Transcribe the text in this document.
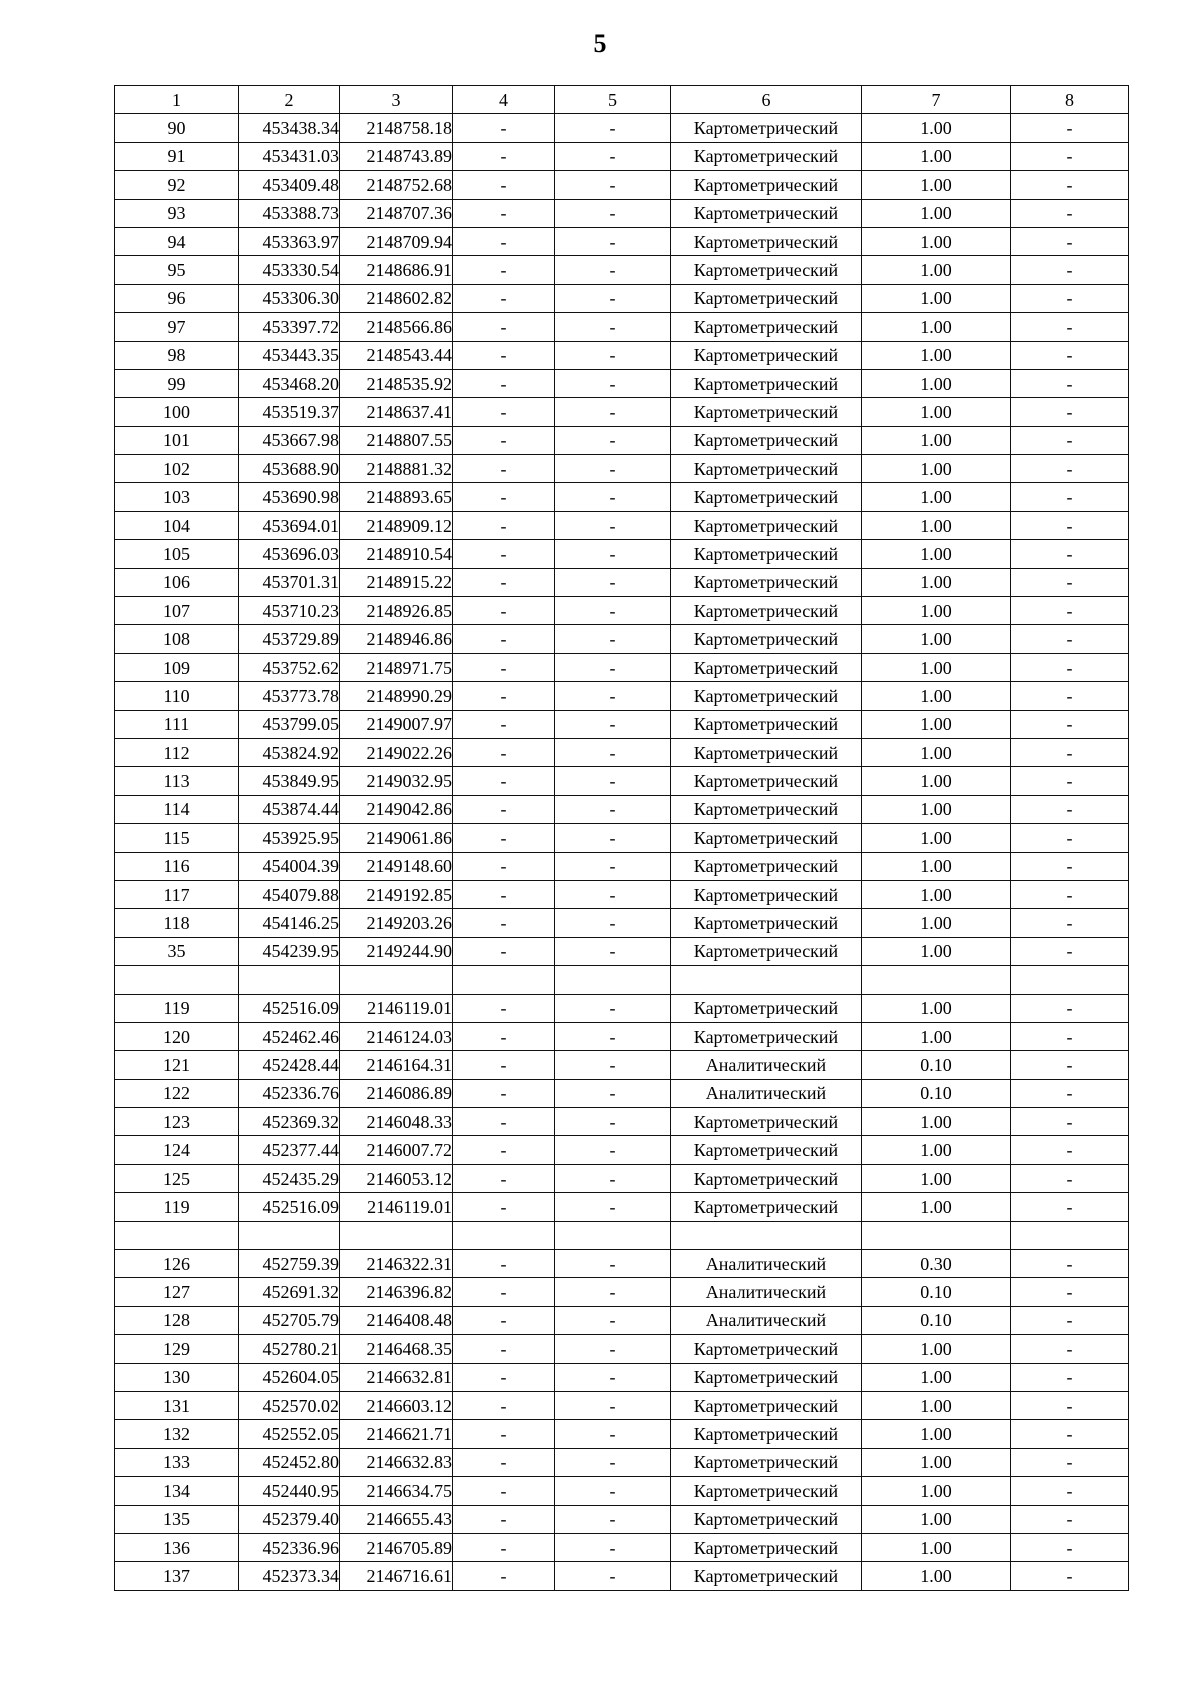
5
1	2	3	4	5	6	7	8
90	453438.34	2148758.18	-	-	Картометрический	1.00	-
91	453431.03	2148743.89	-	-	Картометрический	1.00	-
92	453409.48	2148752.68	-	-	Картометрический	1.00	-
93	453388.73	2148707.36	-	-	Картометрический	1.00	-
94	453363.97	2148709.94	-	-	Картометрический	1.00	-
95	453330.54	2148686.91	-	-	Картометрический	1.00	-
96	453306.30	2148602.82	-	-	Картометрический	1.00	-
97	453397.72	2148566.86	-	-	Картометрический	1.00	-
98	453443.35	2148543.44	-	-	Картометрический	1.00	-
99	453468.20	2148535.92	-	-	Картометрический	1.00	-
100	453519.37	2148637.41	-	-	Картометрический	1.00	-
101	453667.98	2148807.55	-	-	Картометрический	1.00	-
102	453688.90	2148881.32	-	-	Картометрический	1.00	-
103	453690.98	2148893.65	-	-	Картометрический	1.00	-
104	453694.01	2148909.12	-	-	Картометрический	1.00	-
105	453696.03	2148910.54	-	-	Картометрический	1.00	-
106	453701.31	2148915.22	-	-	Картометрический	1.00	-
107	453710.23	2148926.85	-	-	Картометрический	1.00	-
108	453729.89	2148946.86	-	-	Картометрический	1.00	-
109	453752.62	2148971.75	-	-	Картометрический	1.00	-
110	453773.78	2148990.29	-	-	Картометрический	1.00	-
111	453799.05	2149007.97	-	-	Картометрический	1.00	-
112	453824.92	2149022.26	-	-	Картометрический	1.00	-
113	453849.95	2149032.95	-	-	Картометрический	1.00	-
114	453874.44	2149042.86	-	-	Картометрический	1.00	-
115	453925.95	2149061.86	-	-	Картометрический	1.00	-
116	454004.39	2149148.60	-	-	Картометрический	1.00	-
117	454079.88	2149192.85	-	-	Картометрический	1.00	-
118	454146.25	2149203.26	-	-	Картометрический	1.00	-
35	454239.95	2149244.90	-	-	Картометрический	1.00	-

119	452516.09	2146119.01	-	-	Картометрический	1.00	-
120	452462.46	2146124.03	-	-	Картометрический	1.00	-
121	452428.44	2146164.31	-	-	Аналитический	0.10	-
122	452336.76	2146086.89	-	-	Аналитический	0.10	-
123	452369.32	2146048.33	-	-	Картометрический	1.00	-
124	452377.44	2146007.72	-	-	Картометрический	1.00	-
125	452435.29	2146053.12	-	-	Картометрический	1.00	-
119	452516.09	2146119.01	-	-	Картометрический	1.00	-

126	452759.39	2146322.31	-	-	Аналитический	0.30	-
127	452691.32	2146396.82	-	-	Аналитический	0.10	-
128	452705.79	2146408.48	-	-	Аналитический	0.10	-
129	452780.21	2146468.35	-	-	Картометрический	1.00	-
130	452604.05	2146632.81	-	-	Картометрический	1.00	-
131	452570.02	2146603.12	-	-	Картометрический	1.00	-
132	452552.05	2146621.71	-	-	Картометрический	1.00	-
133	452452.80	2146632.83	-	-	Картометрический	1.00	-
134	452440.95	2146634.75	-	-	Картометрический	1.00	-
135	452379.40	2146655.43	-	-	Картометрический	1.00	-
136	452336.96	2146705.89	-	-	Картометрический	1.00	-
137	452373.34	2146716.61	-	-	Картометрический	1.00	-
